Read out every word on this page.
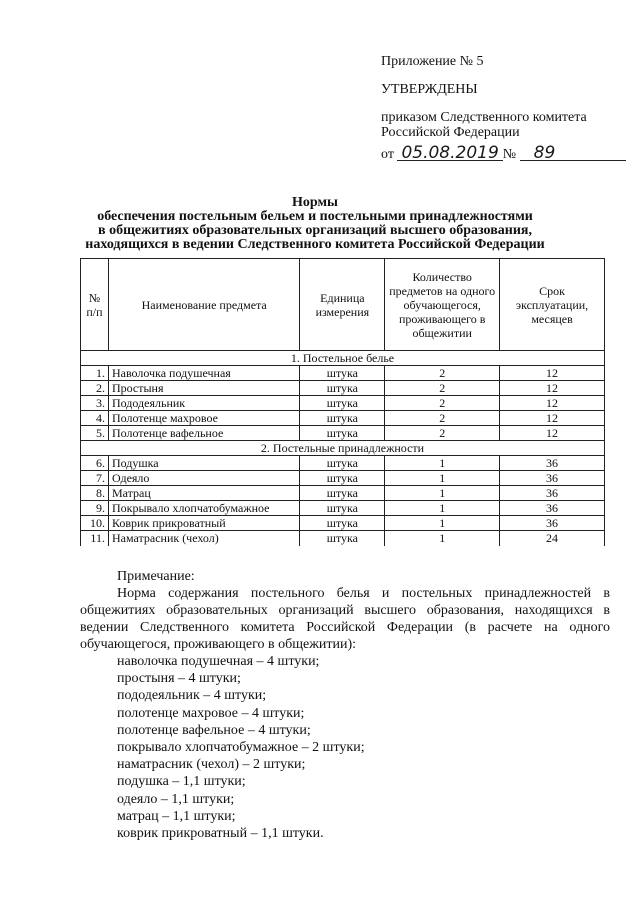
Приложение № 5
УТВЕРЖДЕНЫ
приказом Следственного комитета
Российской Федерации
от 05.08.2019 № 89
Нормы
обеспечения постельным бельем и постельными принадлежностями
в общежитиях образовательных организаций высшего образования,
находящихся в ведении Следственного комитета Российской Федерации
№ п/п	Наименование предмета	Единица измерения	Количество предметов на одного обучающегося, проживающего в общежитии	Срок эксплуатации, месяцев
1. Постельное белье				
1.	Наволочка подушечная	штука	2	12
2.	Простыня	штука	2	12
3.	Пододеяльник	штука	2	12
4.	Полотенце махровое	штука	2	12
5.	Полотенце вафельное	штука	2	12
2. Постельные принадлежности				
6.	Подушка	штука	1	36
7.	Одеяло	штука	1	36
8.	Матрац	штука	1	36
9.	Покрывало хлопчатобумажное	штука	1	36
10.	Коврик прикроватный	штука	1	36
11.	Наматрасник (чехол)	штука	1	24
Примечание:

Норма содержания постельного белья и постельных принадлежностей в общежитиях образовательных организаций высшего образования, находящихся в ведении Следственного комитета Российской Федерации (в расчете на одного обучающегося, проживающего в общежитии):

наволочка подушечная – 4 штуки;
простыня – 4 штуки;
пододеяльник – 4 штуки;
полотенце махровое – 4 штуки;
полотенце вафельное – 4 штуки;
покрывало хлопчатобумажное – 2 штуки;
наматрасник (чехол) – 2 штуки;
подушка – 1,1 штуки;
одеяло – 1,1 штуки;
матрац – 1,1 штуки;
коврик прикроватный – 1,1 штуки.
